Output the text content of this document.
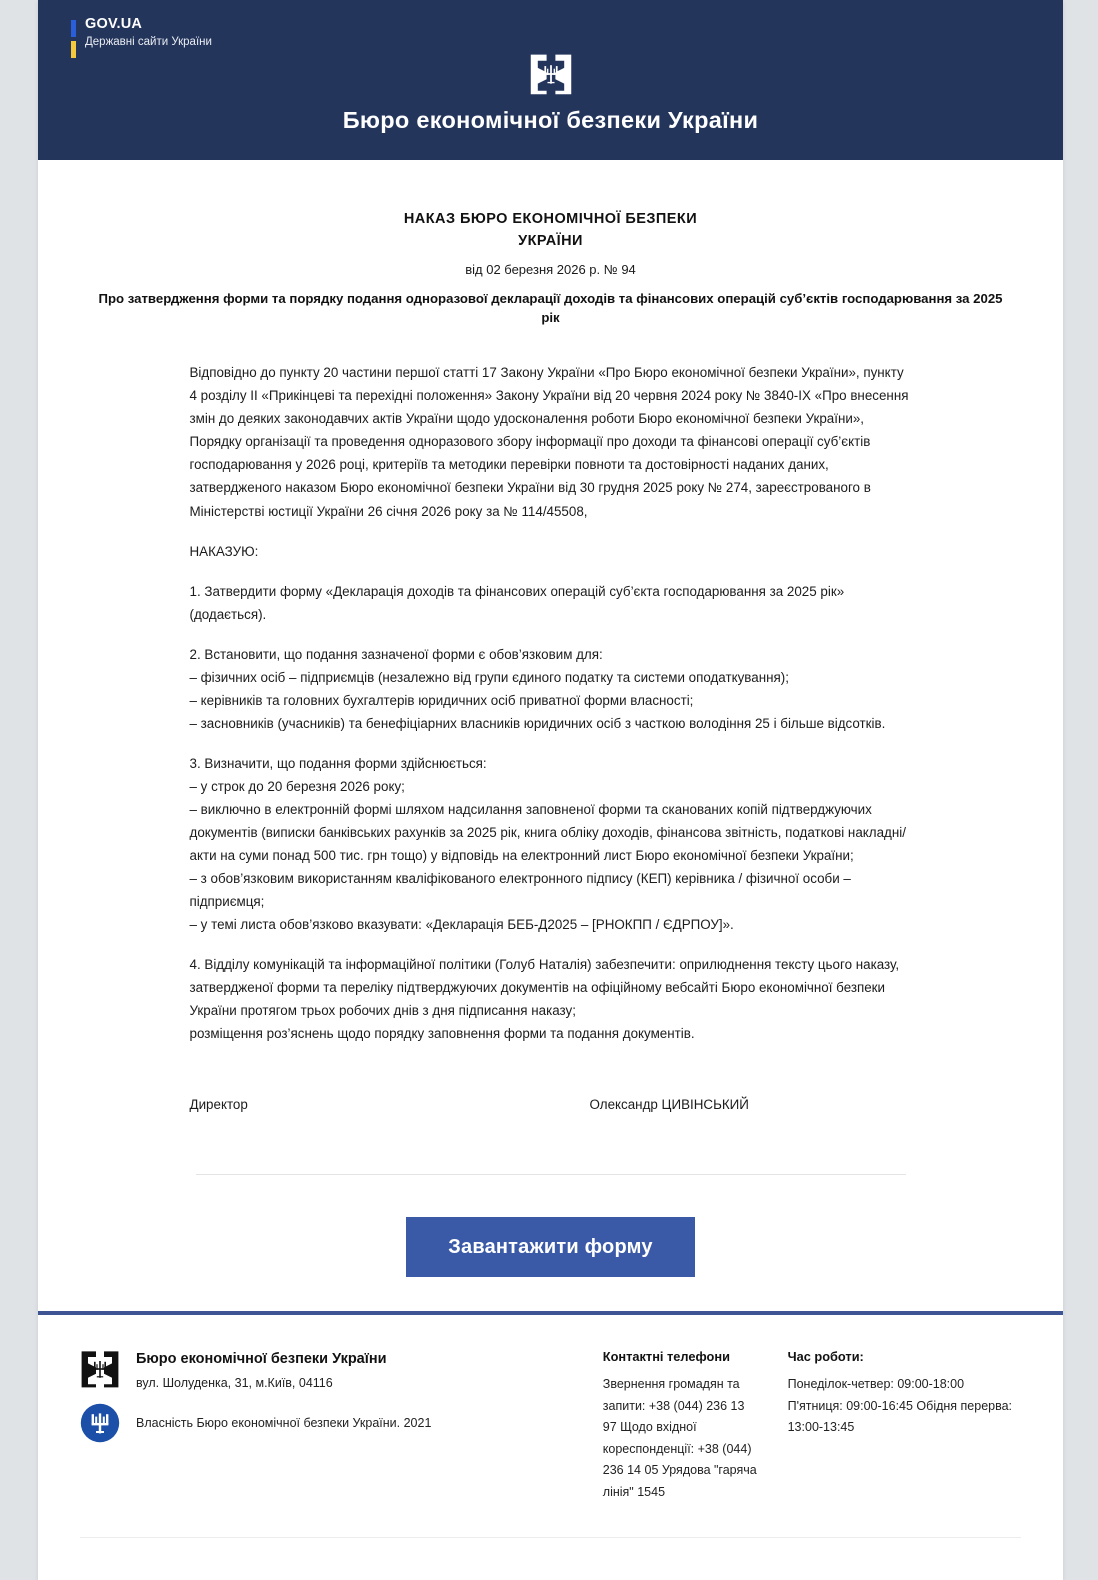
GOV.UA
Державні сайти України
Бюро економічної безпеки України
НАКАЗ БЮРО ЕКОНОМІЧНОЇ БЕЗПЕКИ
УКРАЇНИ
від 02 березня 2026 р. № 94
Про затвердження форми та порядку подання одноразової декларації доходів та фінансових операцій суб’єктів господарювання за 2025 рік

Відповідно до пункту 20 частини першої статті 17 Закону України «Про Бюро економічної безпеки України», пункту 4 розділу II «Прикінцеві та перехідні положення» Закону України від 20 червня 2024 року № 3840-IX «Про внесення змін до деяких законодавчих актів України щодо удосконалення роботи Бюро економічної безпеки України», Порядку організації та проведення одноразового збору інформації про доходи та фінансові операції суб’єктів господарювання у 2026 році, критеріїв та методики перевірки повноти та достовірності наданих даних, затвердженого наказом Бюро економічної безпеки України від 30 грудня 2025 року № 274, зареєстрованого в Міністерстві юстиції України 26 січня 2026 року за № 114/45508,

НАКАЗУЮ:

1. Затвердити форму «Декларація доходів та фінансових операцій суб’єкта господарювання за 2025 рік» (додається).

2. Встановити, що подання зазначеної форми є обов’язковим для:
– фізичних осіб – підприємців (незалежно від групи єдиного податку та системи оподаткування);
– керівників та головних бухгалтерів юридичних осіб приватної форми власності;
– засновників (учасників) та бенефіціарних власників юридичних осіб з часткою володіння 25 і більше відсотків.
3. Визначити, що подання форми здійснюється:
– у строк до 20 березня 2026 року;
– виключно в електронній формі шляхом надсилання заповненої форми та сканованих копій підтверджуючих документів (виписки банківських рахунків за 2025 рік, книга обліку доходів, фінансова звітність, податкові накладні/акти на суми понад 500 тис. грн тощо) у відповідь на електронний лист Бюро економічної безпеки України;
– з обов’язковим використанням кваліфікованого електронного підпису (КЕП) керівника / фізичної особи – підприємця;
– у темі листа обов’язково вказувати: «Декларація БЕБ-Д2025 – [РНОКПП / ЄДРПОУ]».
4. Відділу комунікацій та інформаційної політики (Голуб Наталія) забезпечити: оприлюднення тексту цього наказу, затвердженої форми та переліку підтверджуючих документів на офіційному вебсайті Бюро економічної безпеки України протягом трьох робочих днів з дня підписання наказу;
розміщення роз’яснень щодо порядку заповнення форми та подання документів.
Директор	Олександр ЦИВІНСЬКИЙ
Завантажити форму
Бюро економічної безпеки України
вул. Шолуденка, 31, м.Київ, 04116
Власність Бюро економічної безпеки України. 2021
Контактні телефони
Звернення громадян та запити: +38 (044) 236 13 97 Щодо вхідної кореспонденції: +38 (044) 236 14 05 Урядова "гаряча лінія" 1545
Час роботи:
Понеділок-четвер: 09:00-18:00 П'ятниця: 09:00-16:45 Обідня перерва: 13:00-13:45
